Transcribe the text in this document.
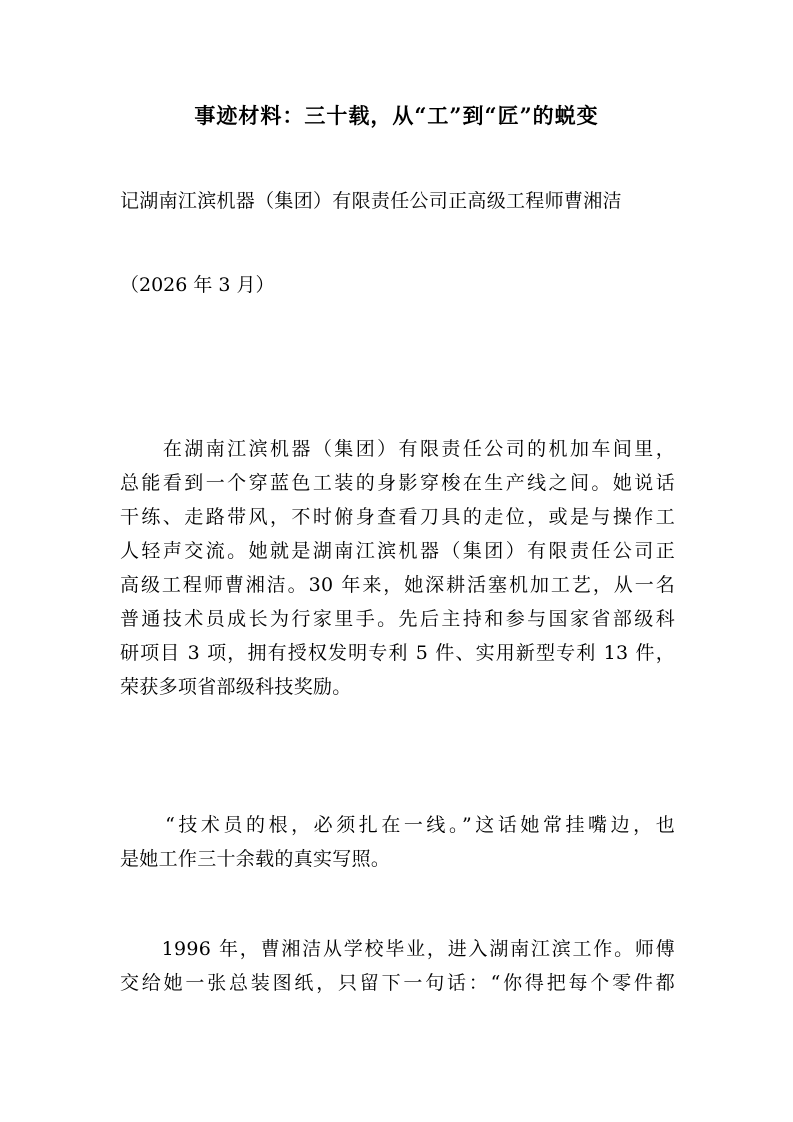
事迹材料：三十载，从“工”到“匠”的蜕变
记湖南江滨机器（集团）有限责任公司正高级工程师曹湘洁
（2026 年 3 月）
　　在湖南江滨机器（集团）有限责任公司的机加车间里，
总能看到一个穿蓝色工装的身影穿梭在生产线之间。她说话
干练、走路带风，不时俯身查看刀具的走位，或是与操作工
人轻声交流。她就是湖南江滨机器（集团）有限责任公司正
高级工程师曹湘洁。30 年来，她深耕活塞机加工艺，从一名
普通技术员成长为行家里手。先后主持和参与国家省部级科
研项目 3 项，拥有授权发明专利 5 件、实用新型专利 13 件，
荣获多项省部级科技奖励。
　　“技术员的根，必须扎在一线。”这话她常挂嘴边，也
是她工作三十余载的真实写照。
　　1996 年，曹湘洁从学校毕业，进入湖南江滨工作。师傅
交给她一张总装图纸，只留下一句话：“你得把每个零件都
